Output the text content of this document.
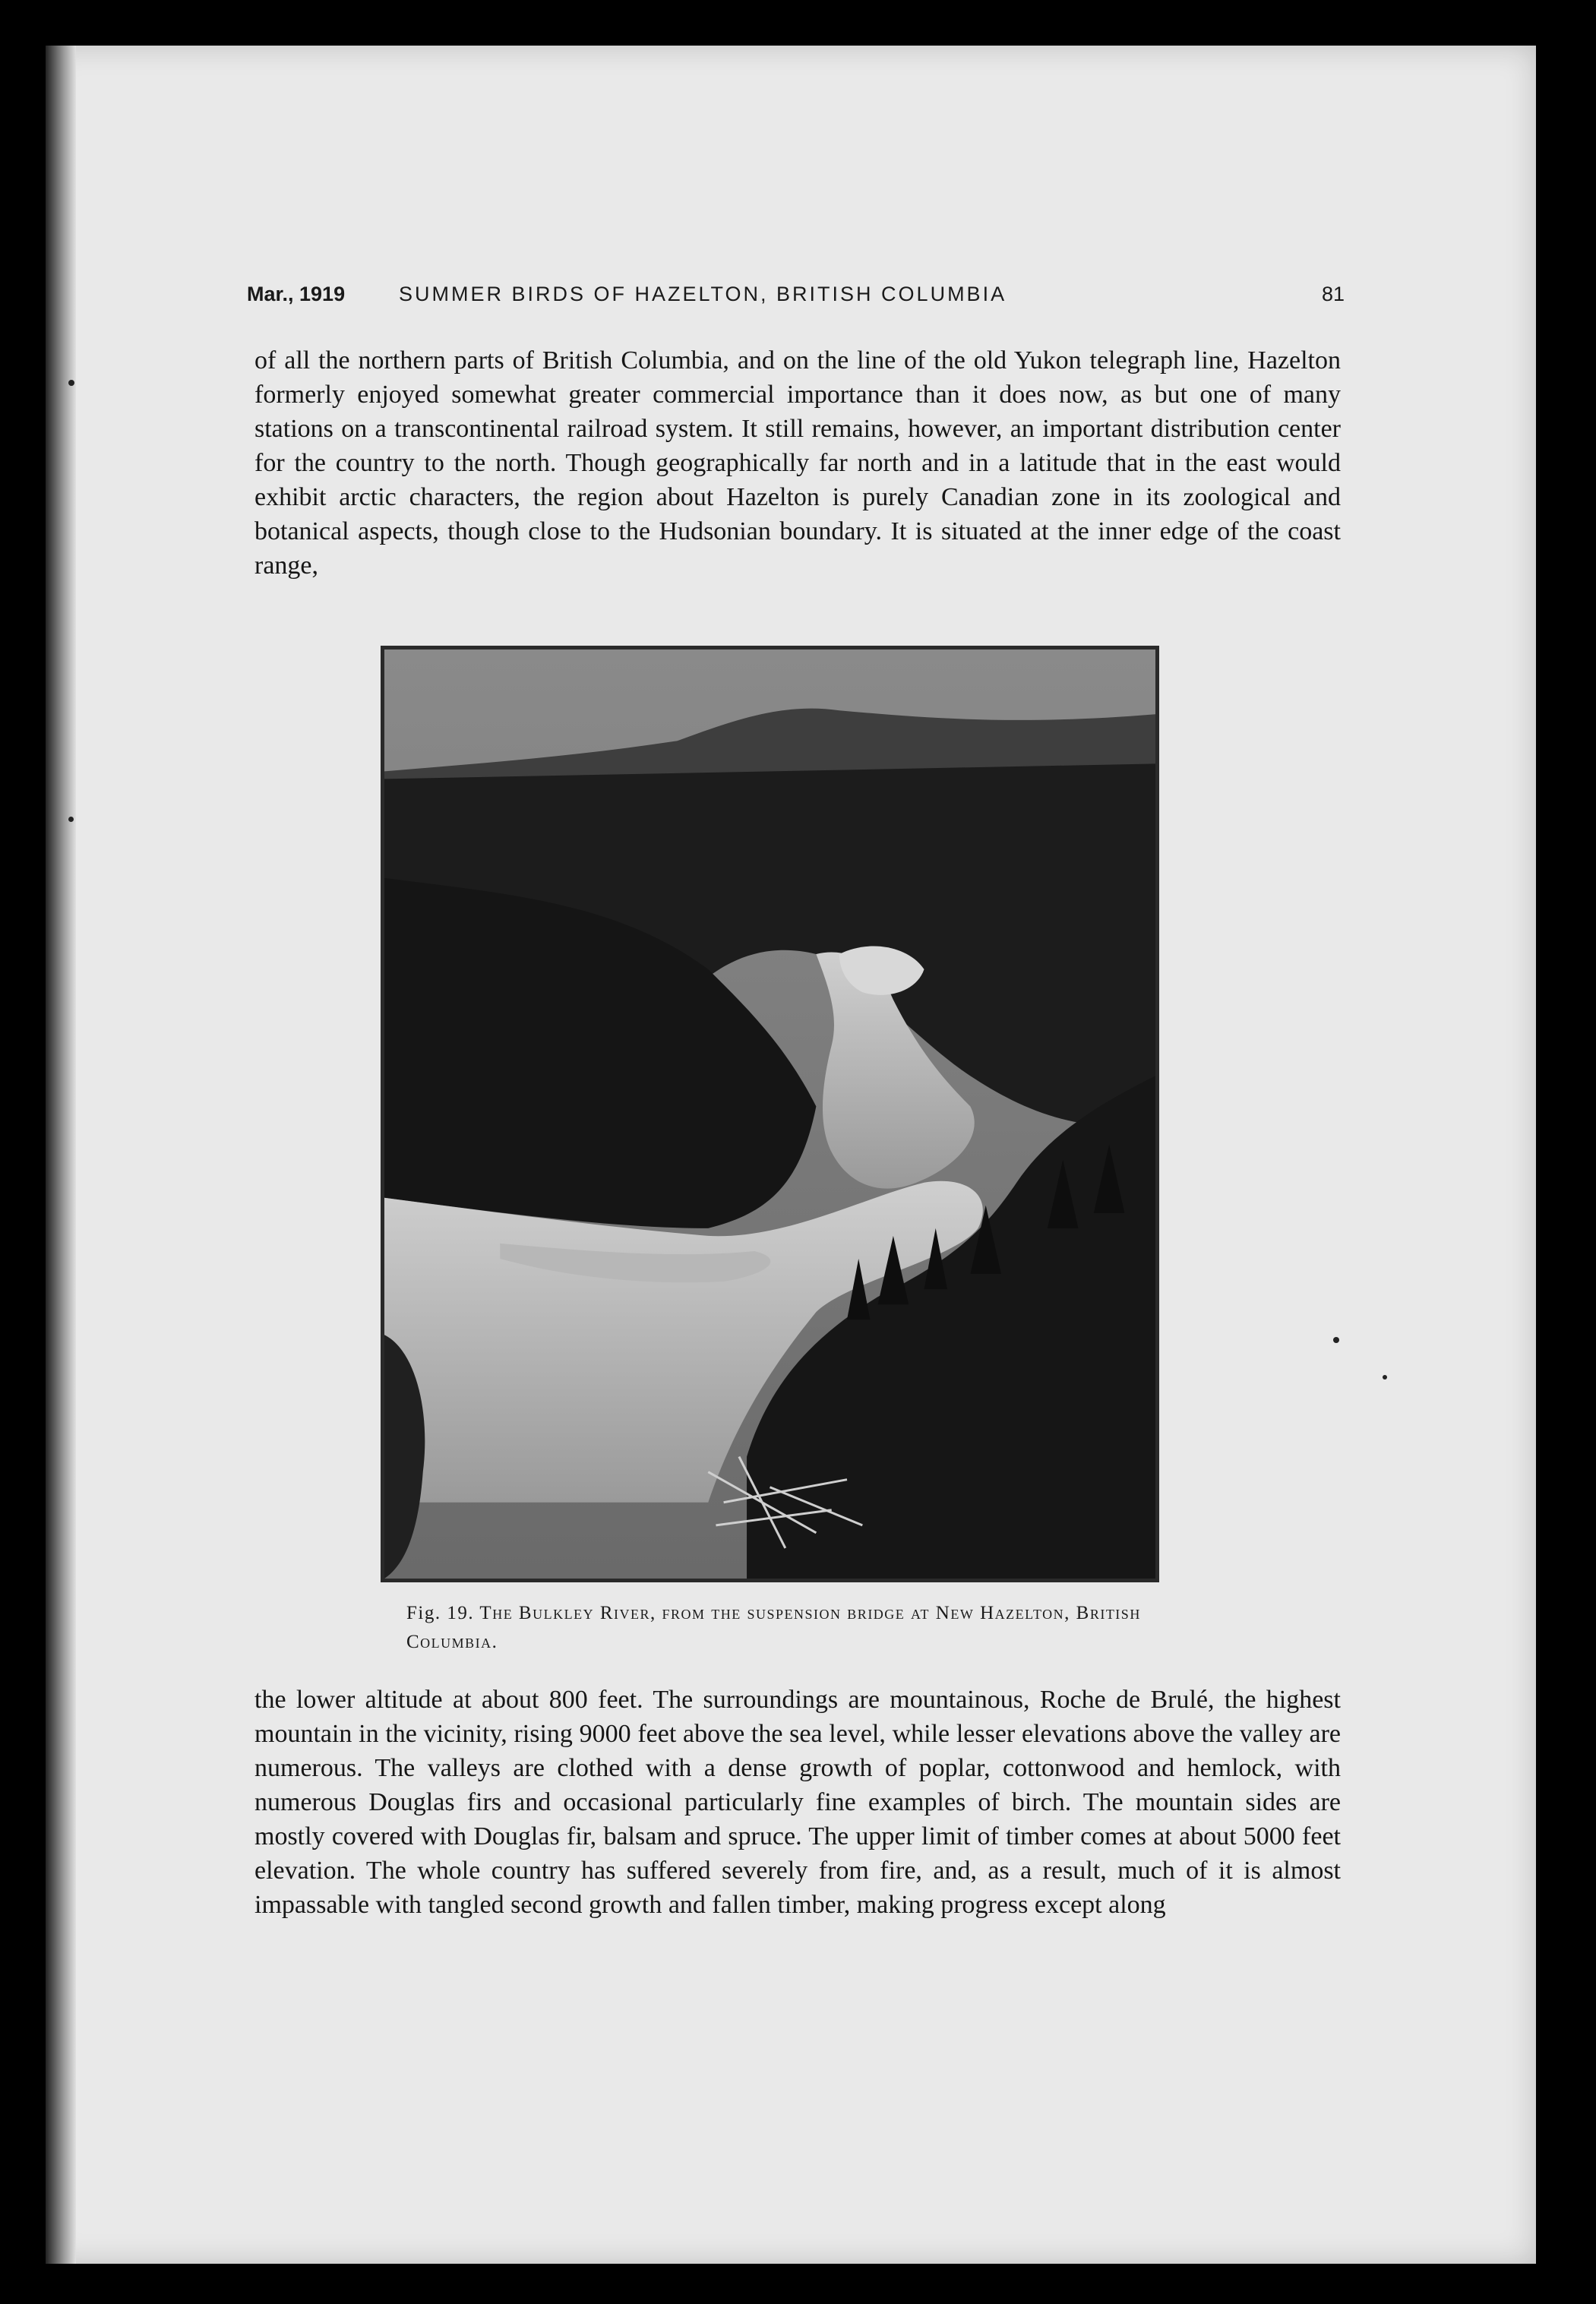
Mar., 1919	SUMMER BIRDS OF HAZELTON, BRITISH COLUMBIA	81
of all the northern parts of British Columbia, and on the line of the old Yukon telegraph line, Hazelton formerly enjoyed somewhat greater commercial importance than it does now, as but one of many stations on a transcontinental railroad system. It still remains, however, an important distribution center for the country to the north. Though geographically far north and in a latitude that in the east would exhibit arctic characters, the region about Hazelton is purely Canadian zone in its zoological and botanical aspects, though close to the Hudsonian boundary. It is situated at the inner edge of the coast range,
Fig. 19. The Bulkley River, from the suspension bridge at New Hazelton, British Columbia.
the lower altitude at about 800 feet. The surroundings are mountainous, Roche de Brulé, the highest mountain in the vicinity, rising 9000 feet above the sea level, while lesser elevations above the valley are numerous. The valleys are clothed with a dense growth of poplar, cottonwood and hemlock, with numerous Douglas firs and occasional particularly fine examples of birch. The mountain sides are mostly covered with Douglas fir, balsam and spruce. The upper limit of timber comes at about 5000 feet elevation. The whole country has suffered severely from fire, and, as a result, much of it is almost impassable with tangled second growth and fallen timber, making progress except along
